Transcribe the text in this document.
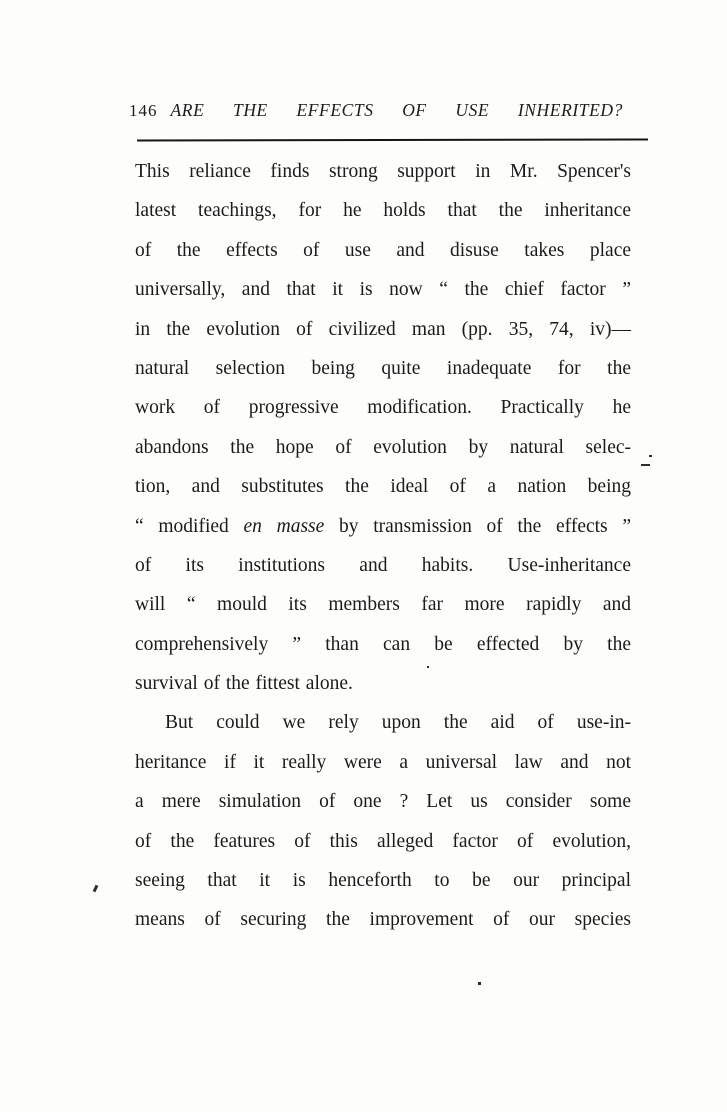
146 ARE THE EFFECTS OF USE INHERITED?
This reliance finds strong support in Mr. Spencer's
latest teachings, for he holds that the inheritance
of the effects of use and disuse takes place
universally, and that it is now “ the chief factor ”
in the evolution of civilized man (pp. 35, 74, iv)—
natural selection being quite inadequate for the
work of progressive modification. Practically he
abandons the hope of evolution by natural selec-
tion, and substitutes the ideal of a nation being
“ modified en masse by transmission of the effects ”
of its institutions and habits. Use-inheritance
will “ mould its members far more rapidly and
comprehensively ” than can be effected by the
survival of the fittest alone.
But could we rely upon the aid of use-in-
heritance if it really were a universal law and not
a mere simulation of one ? Let us consider some
of the features of this alleged factor of evolution,
seeing that it is henceforth to be our principal
means of securing the improvement of our species
